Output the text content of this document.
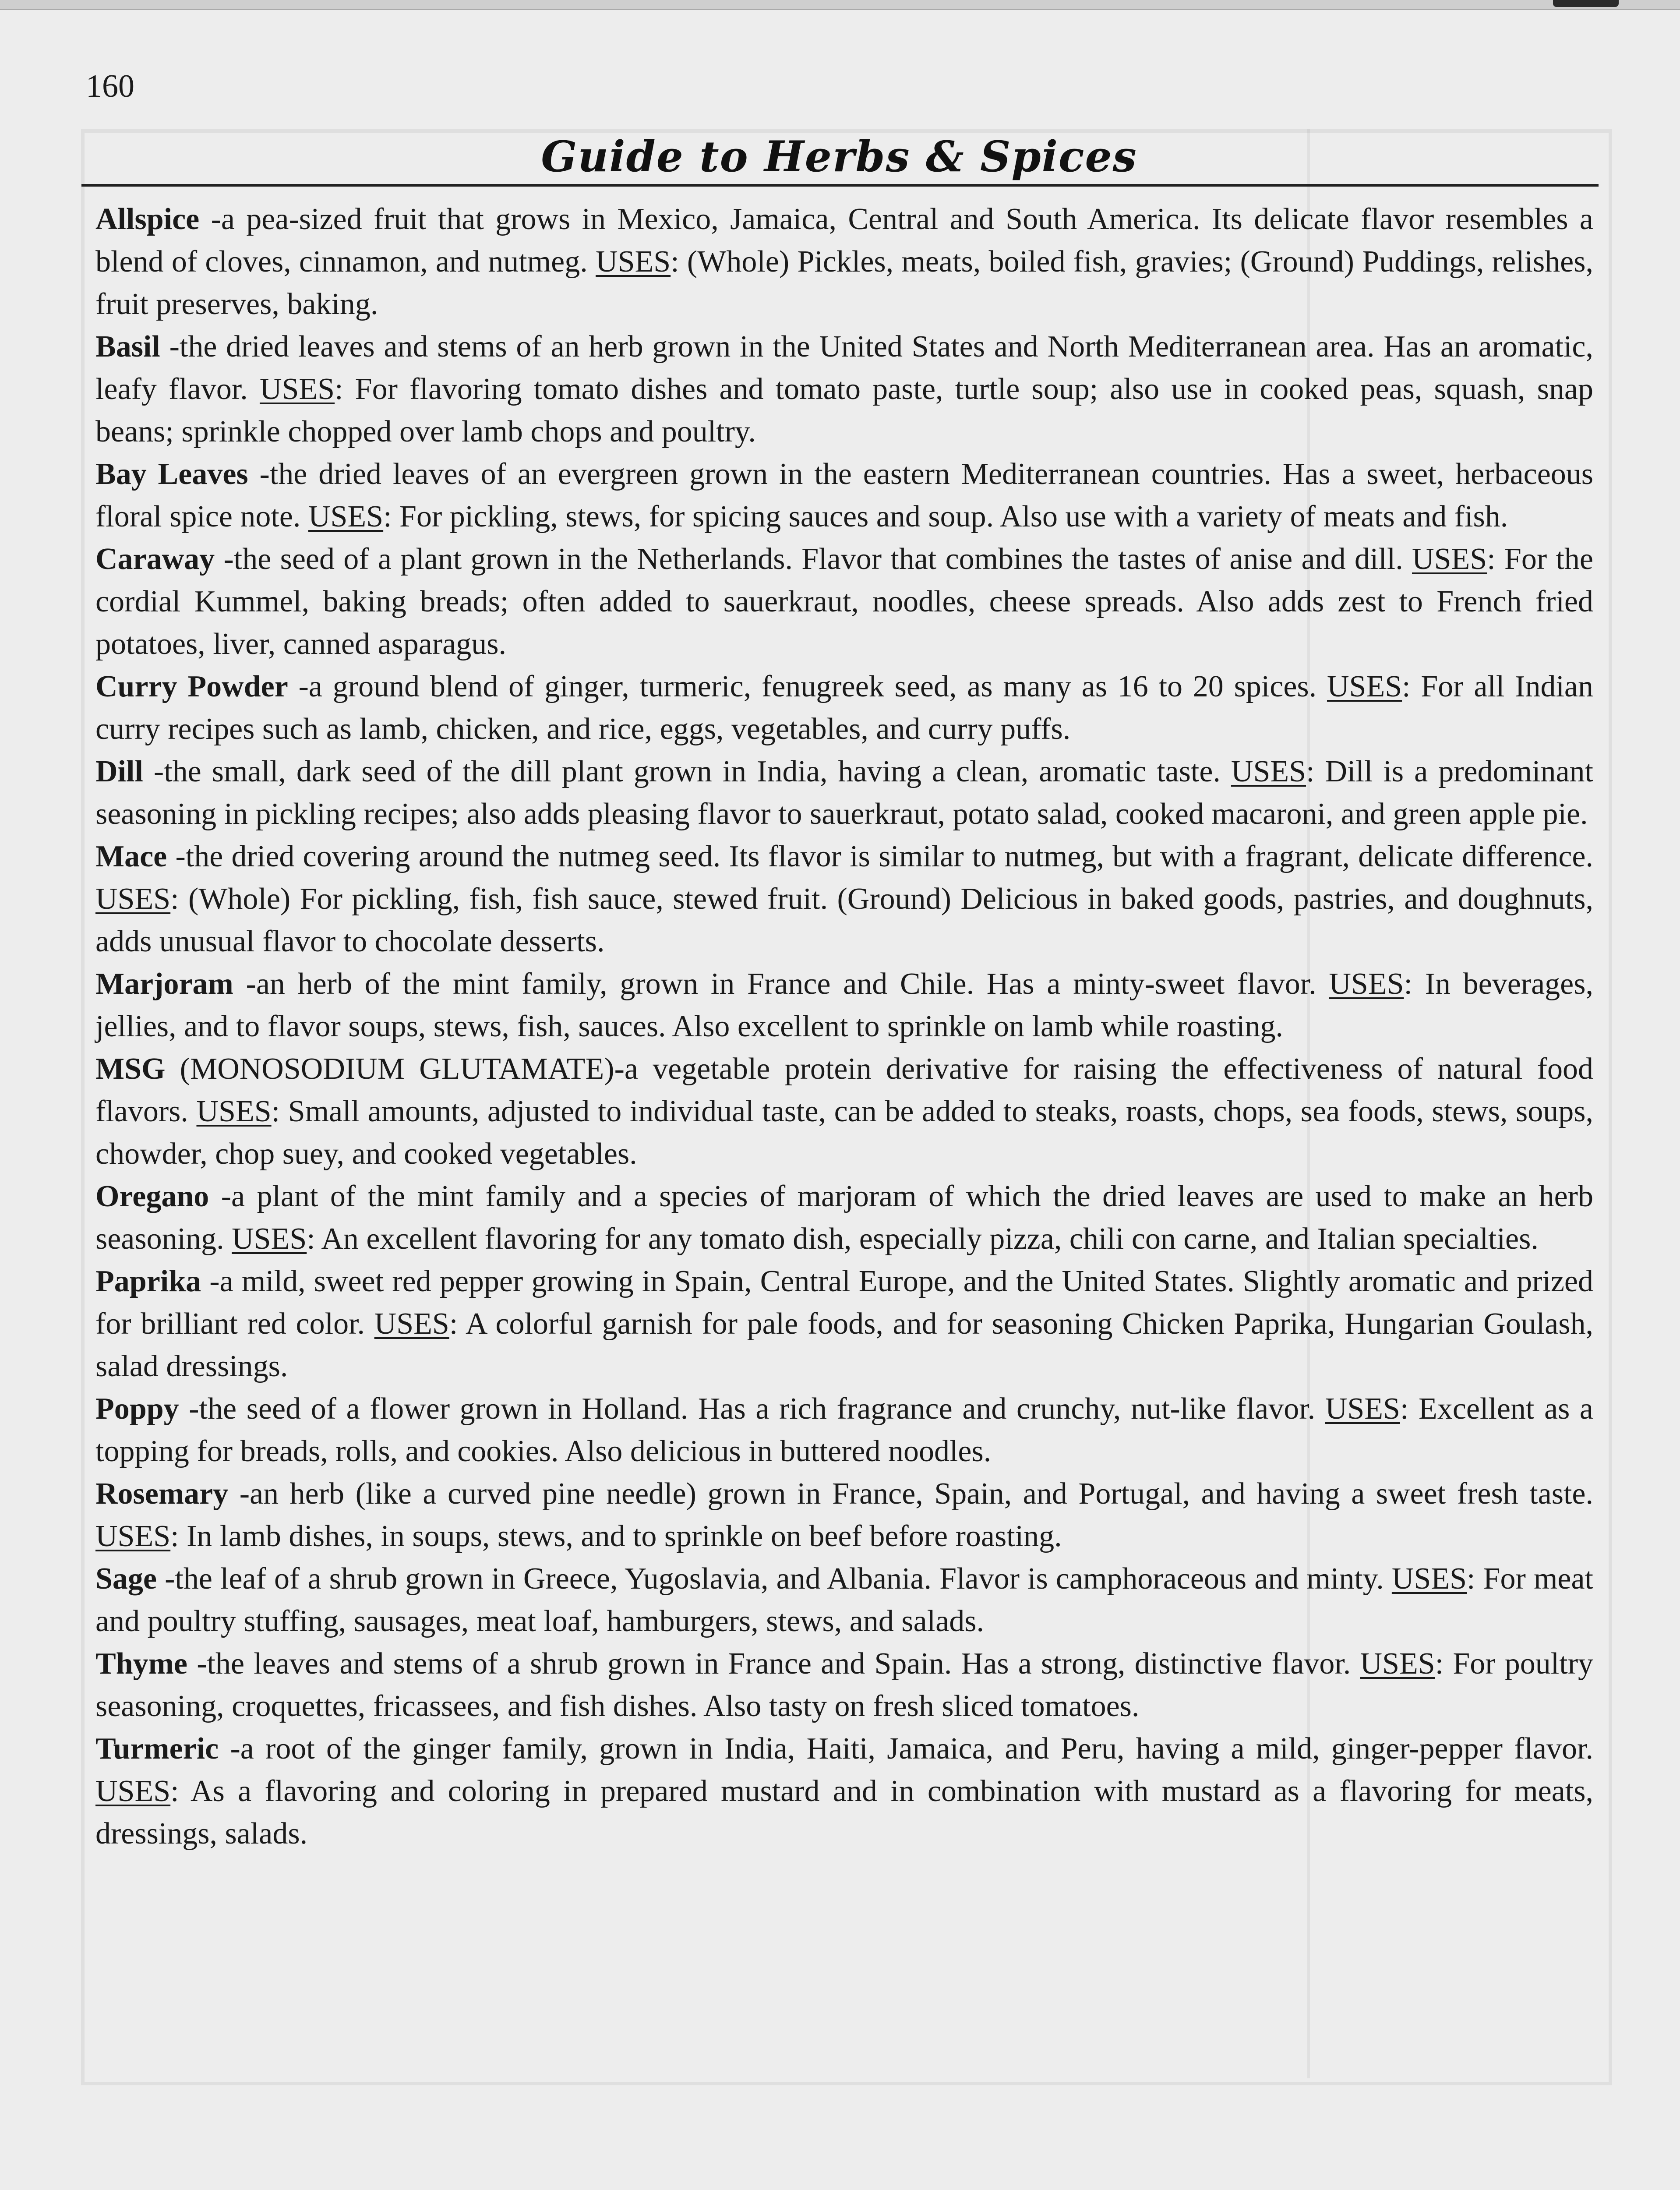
160
Guide to Herbs & Spices

Allspice -a pea-sized fruit that grows in Mexico, Jamaica, Central and South America. Its delicate flavor resembles a blend of cloves, cinnamon, and nutmeg. USES: (Whole) Pickles, meats, boiled fish, gravies; (Ground) Puddings, relishes, fruit preserves, baking.

Basil -the dried leaves and stems of an herb grown in the United States and North Mediterranean area. Has an aromatic, leafy flavor. USES: For flavoring tomato dishes and tomato paste, turtle soup; also use in cooked peas, squash, snap beans; sprinkle chopped over lamb chops and poultry.

Bay Leaves -the dried leaves of an evergreen grown in the eastern Mediterranean countries. Has a sweet, herbaceous floral spice note. USES: For pickling, stews, for spicing sauces and soup. Also use with a variety of meats and fish.

Caraway -the seed of a plant grown in the Netherlands. Flavor that combines the tastes of anise and dill. USES: For the cordial Kummel, baking breads; often added to sauerkraut, noodles, cheese spreads. Also adds zest to French fried potatoes, liver, canned asparagus.

Curry Powder -a ground blend of ginger, turmeric, fenugreek seed, as many as 16 to 20 spices. USES: For all Indian curry recipes such as lamb, chicken, and rice, eggs, vegetables, and curry puffs.

Dill -the small, dark seed of the dill plant grown in India, having a clean, aromatic taste. USES: Dill is a predominant seasoning in pickling recipes; also adds pleasing flavor to sauerkraut, potato salad, cooked macaroni, and green apple pie.

Mace -the dried covering around the nutmeg seed. Its flavor is similar to nutmeg, but with a fragrant, delicate difference. USES: (Whole) For pickling, fish, fish sauce, stewed fruit. (Ground) Delicious in baked goods, pastries, and doughnuts, adds unusual flavor to chocolate desserts.

Marjoram -an herb of the mint family, grown in France and Chile. Has a minty-sweet flavor. USES: In beverages, jellies, and to flavor soups, stews, fish, sauces. Also excellent to sprinkle on lamb while roasting.

MSG (MONOSODIUM GLUTAMATE)-a vegetable protein derivative for raising the effectiveness of natural food flavors. USES: Small amounts, adjusted to individual taste, can be added to steaks, roasts, chops, sea foods, stews, soups, chowder, chop suey, and cooked vegetables.

Oregano -a plant of the mint family and a species of marjoram of which the dried leaves are used to make an herb seasoning. USES: An excellent flavoring for any tomato dish, especially pizza, chili con carne, and Italian specialties.

Paprika -a mild, sweet red pepper growing in Spain, Central Europe, and the United States. Slightly aromatic and prized for brilliant red color. USES: A colorful garnish for pale foods, and for seasoning Chicken Paprika, Hungarian Goulash, salad dressings.

Poppy -the seed of a flower grown in Holland. Has a rich fragrance and crunchy, nut-like flavor. USES: Excellent as a topping for breads, rolls, and cookies. Also delicious in buttered noodles.

Rosemary -an herb (like a curved pine needle) grown in France, Spain, and Portugal, and having a sweet fresh taste. USES: In lamb dishes, in soups, stews, and to sprinkle on beef before roasting.

Sage -the leaf of a shrub grown in Greece, Yugoslavia, and Albania. Flavor is camphoraceous and minty. USES: For meat and poultry stuffing, sausages, meat loaf, hamburgers, stews, and salads.

Thyme -the leaves and stems of a shrub grown in France and Spain. Has a strong, distinctive flavor. USES: For poultry seasoning, croquettes, fricassees, and fish dishes. Also tasty on fresh sliced tomatoes.

Turmeric -a root of the ginger family, grown in India, Haiti, Jamaica, and Peru, having a mild, ginger-pepper flavor. USES: As a flavoring and coloring in prepared mustard and in combination with mustard as a flavoring for meats, dressings, salads.
